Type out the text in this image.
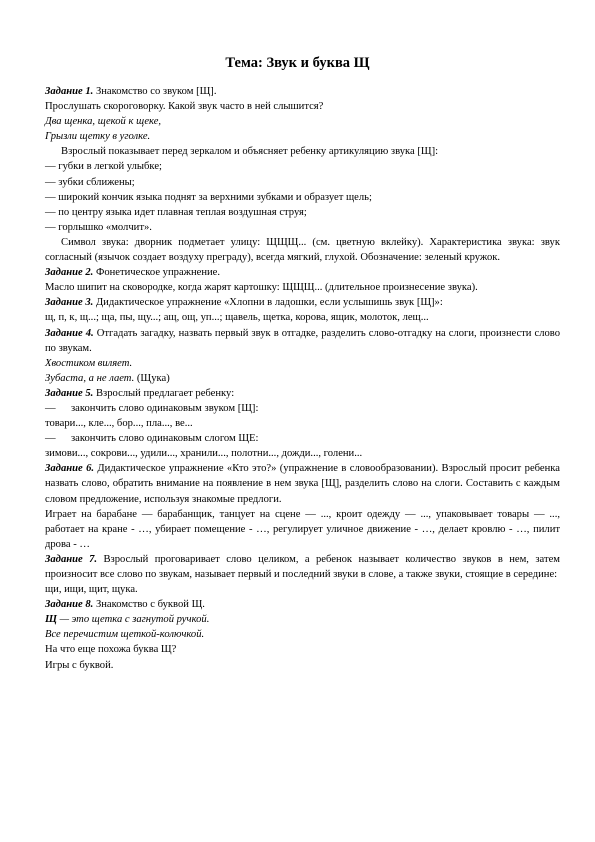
Тема: Звук и буква Щ
Задание 1. Знакомство со звуком [Щ].
Прослушать скороговорку. Какой звук часто в ней слышится?
Два щенка, щекой к щеке,
Грызли щетку в уголке.
Взрослый показывает перед зеркалом и объясняет ребенку артикуляцию звука [Щ]:
— губки в легкой улыбке;
— зубки сближены;
— широкий кончик языка поднят за верхними зубками и образует щель;
— по центру языка идет плавная теплая воздушная струя;
— горлышко «молчит».
Символ звука: дворник подметает улицу: ЩЩЩ... (см. цветную вклейку). Характеристика звука: звук согласный (язычок создает воздуху преграду), всегда мягкий, глухой. Обозначение: зеленый кружок.
Задание 2. Фонетическое упражнение.
Масло шипит на сковородке, когда жарят картошку: ЩЩЩ... (длительное произнесение звука).
Задание 3. Дидактическое упражнение «Хлопни в ладошки, если услышишь звук [Щ]»:
щ, п, к, щ...; ща, пы, щу...; ащ, ощ, уп...; щавель, щетка, корова, ящик, молоток, лещ...
Задание 4. Отгадать загадку, назвать первый звук в отгадке, разделить слово-отгадку на слоги, произнести слово по звукам.
Хвостиком виляет.
Зубаста, а не лает. (Щука)
Задание 5. Взрослый предлагает ребенку:
— закончить слово одинаковым звуком [Щ]:
товари..., кле..., бор..., пла..., ве...
— закончить слово одинаковым слогом ЩЕ:
зимови..., сокрови..., удили..., хранили..., полотни..., дожди..., голени...
Задание 6. Дидактическое упражнение «Кто это?» (упражнение в словообразовании). Взрослый просит ребенка назвать слово, обратить внимание на появление в нем звука [Щ], разделить слово на слоги. Составить с каждым словом предложение, используя знакомые предлоги.
Играет на барабане — барабанщик, танцует на сцене — ..., кроит одежду — ..., упаковывает товары — ..., работает на кране - …, убирает помещение - …, регулирует уличное движение - …, делает кровлю - …, пилит дрова - …
Задание 7. Взрослый проговаривает слово целиком, а ребенок называет количество звуков в нем, затем произносит все слово по звукам, называет первый и последний звуки в слове, а также звуки, стоящие в середине:
щи, ищи, щит, щука.
Задание 8. Знакомство с буквой Щ.
Щ — это щетка с загнутой ручкой.
Все перечистим щеткой-колючкой.
На что еще похожа буква Щ?
Игры с буквой.
